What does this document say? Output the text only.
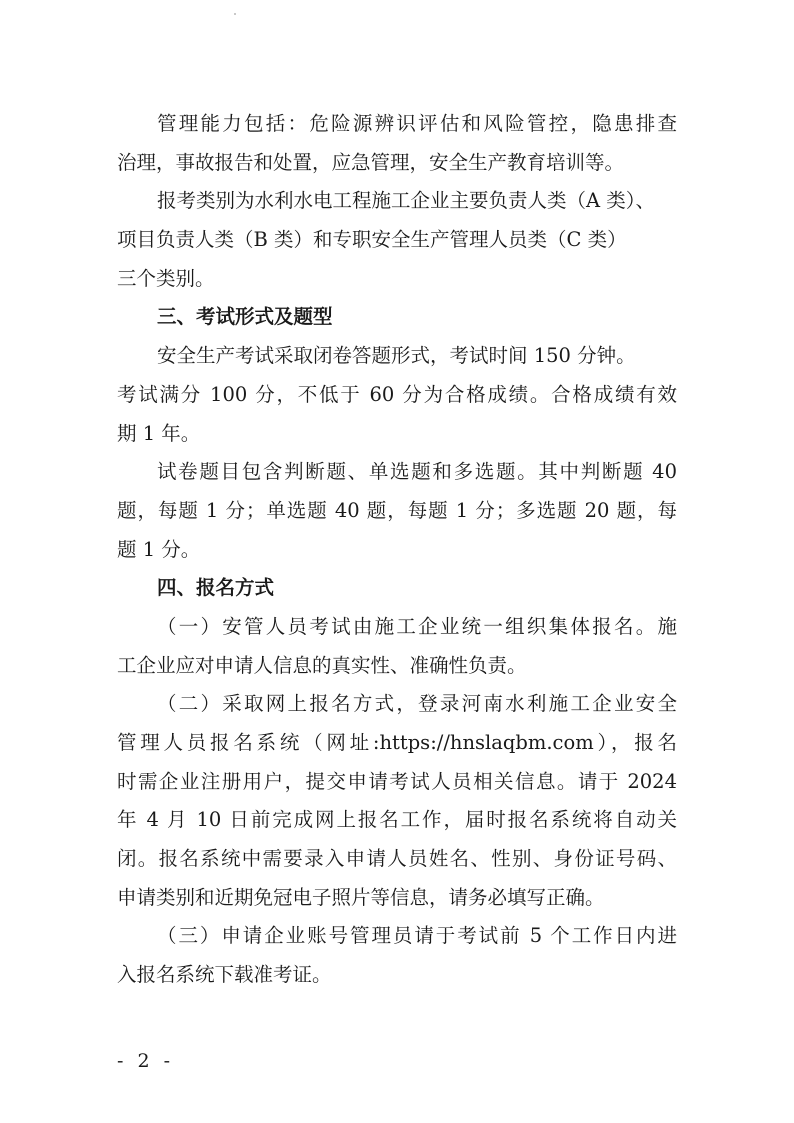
管理能力包括：危险源辨识评估和风险管控，隐患排查
治理，事故报告和处置，应急管理，安全生产教育培训等。
报考类别为水利水电工程施工企业主要负责人类（A 类）、
项目负责人类（B 类）和专职安全生产管理人员类（C 类）
三个类别。
三、考试形式及题型
安全生产考试采取闭卷答题形式，考试时间 150 分钟。
考试满分 100 分，不低于 60 分为合格成绩。合格成绩有效
期 1 年。
试卷题目包含判断题、单选题和多选题。其中判断题 40
题，每题 1 分；单选题 40 题，每题 1 分；多选题 20 题，每
题 1 分。
四、报名方式
（一）安管人员考试由施工企业统一组织集体报名。施
工企业应对申请人信息的真实性、准确性负责。
（二）采取网上报名方式，登录河南水利施工企业安全
管理人员报名系统（网址:https://hnslaqbm.com），报名
时需企业注册用户，提交申请考试人员相关信息。请于 2024
年 4 月 10 日前完成网上报名工作，届时报名系统将自动关
闭。报名系统中需要录入申请人员姓名、性别、身份证号码、
申请类别和近期免冠电子照片等信息，请务必填写正确。
（三）申请企业账号管理员请于考试前 5 个工作日内进
入报名系统下载准考证。
- 2 -
